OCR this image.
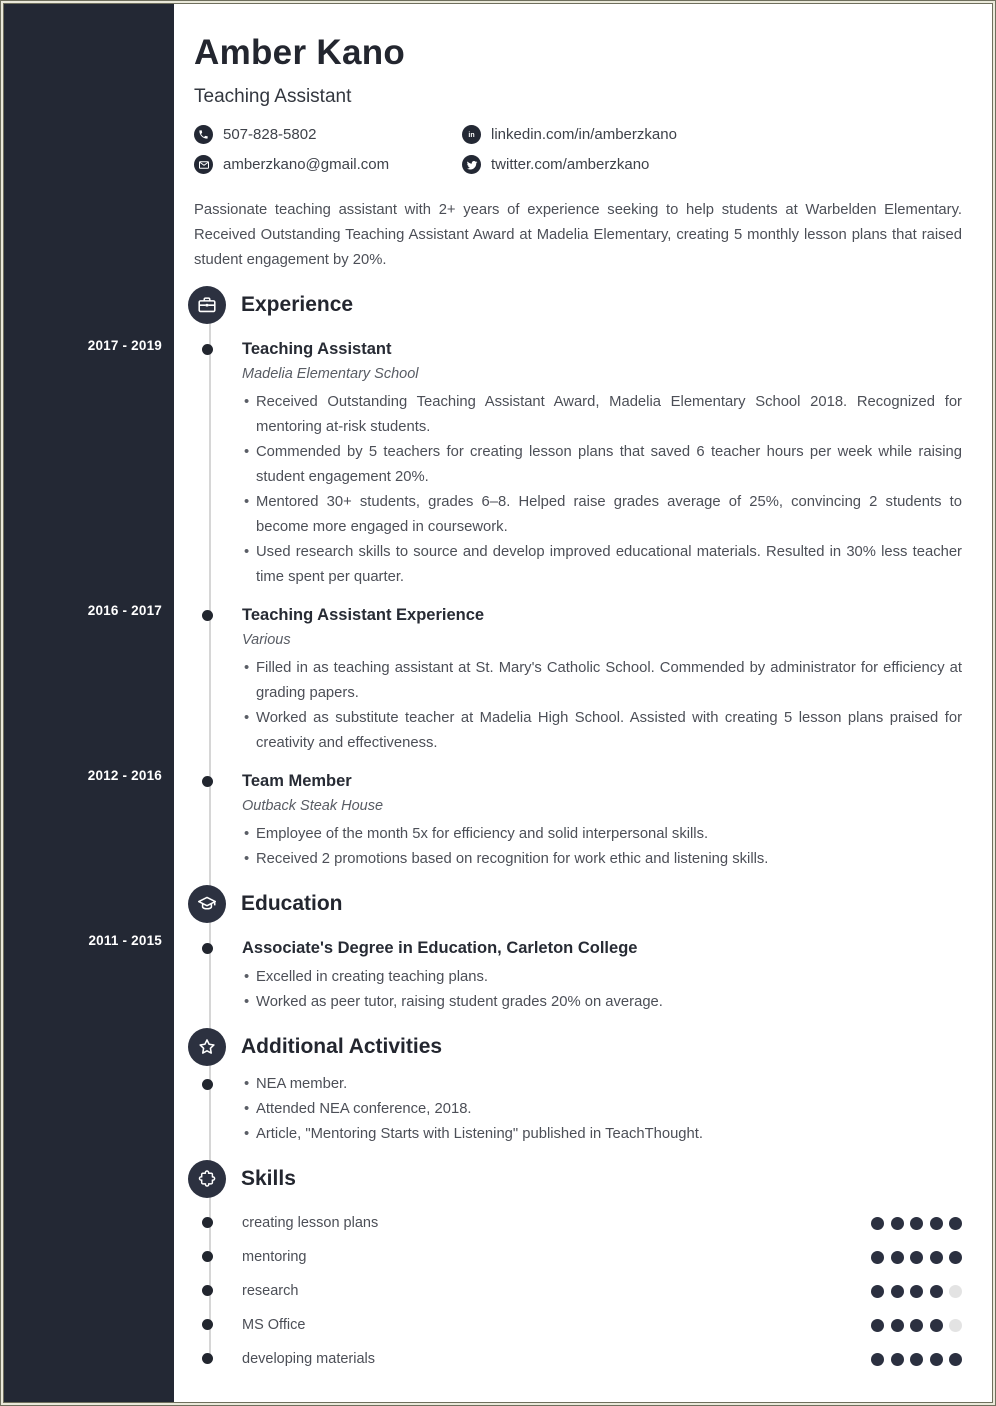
2017 - 2019
2016 - 2017
2012 - 2016
2011 - 2015
Amber Kano
Teaching Assistant
507-828-5802	in linkedin.com/in/amberzkano
amberzkano@gmail.com	twitter.com/amberzkano

Passionate teaching assistant with 2+ years of experience seeking to help students at Warbelden Elementary. Received Outstanding Teaching Assistant Award at Madelia Elementary, creating 5 monthly lesson plans that raised student engagement by 20%.

Experience
Teaching Assistant
Madelia Elementary School
• Received Outstanding Teaching Assistant Award, Madelia Elementary School 2018. Recognized for mentoring at-risk students.
• Commended by 5 teachers for creating lesson plans that saved 6 teacher hours per week while raising student engagement 20%.
• Mentored 30+ students, grades 6–8. Helped raise grades average of 25%, convincing 2 students to become more engaged in coursework.
• Used research skills to source and develop improved educational materials. Resulted in 30% less teacher time spent per quarter.
Teaching Assistant Experience
Various
• Filled in as teaching assistant at St. Mary's Catholic School. Commended by administrator for efficiency at grading papers.
• Worked as substitute teacher at Madelia High School. Assisted with creating 5 lesson plans praised for creativity and effectiveness.
Team Member
Outback Steak House
• Employee of the month 5x for efficiency and solid interpersonal skills.
• Received 2 promotions based on recognition for work ethic and listening skills.
Education
Associate's Degree in Education, Carleton College
• Excelled in creating teaching plans.
• Worked as peer tutor, raising student grades 20% on average.
Additional Activities
• NEA member.
• Attended NEA conference, 2018.
• Article, "Mentoring Starts with Listening" published in TeachThought.
Skills
creating lesson plans
mentoring
research
MS Office
developing materials
